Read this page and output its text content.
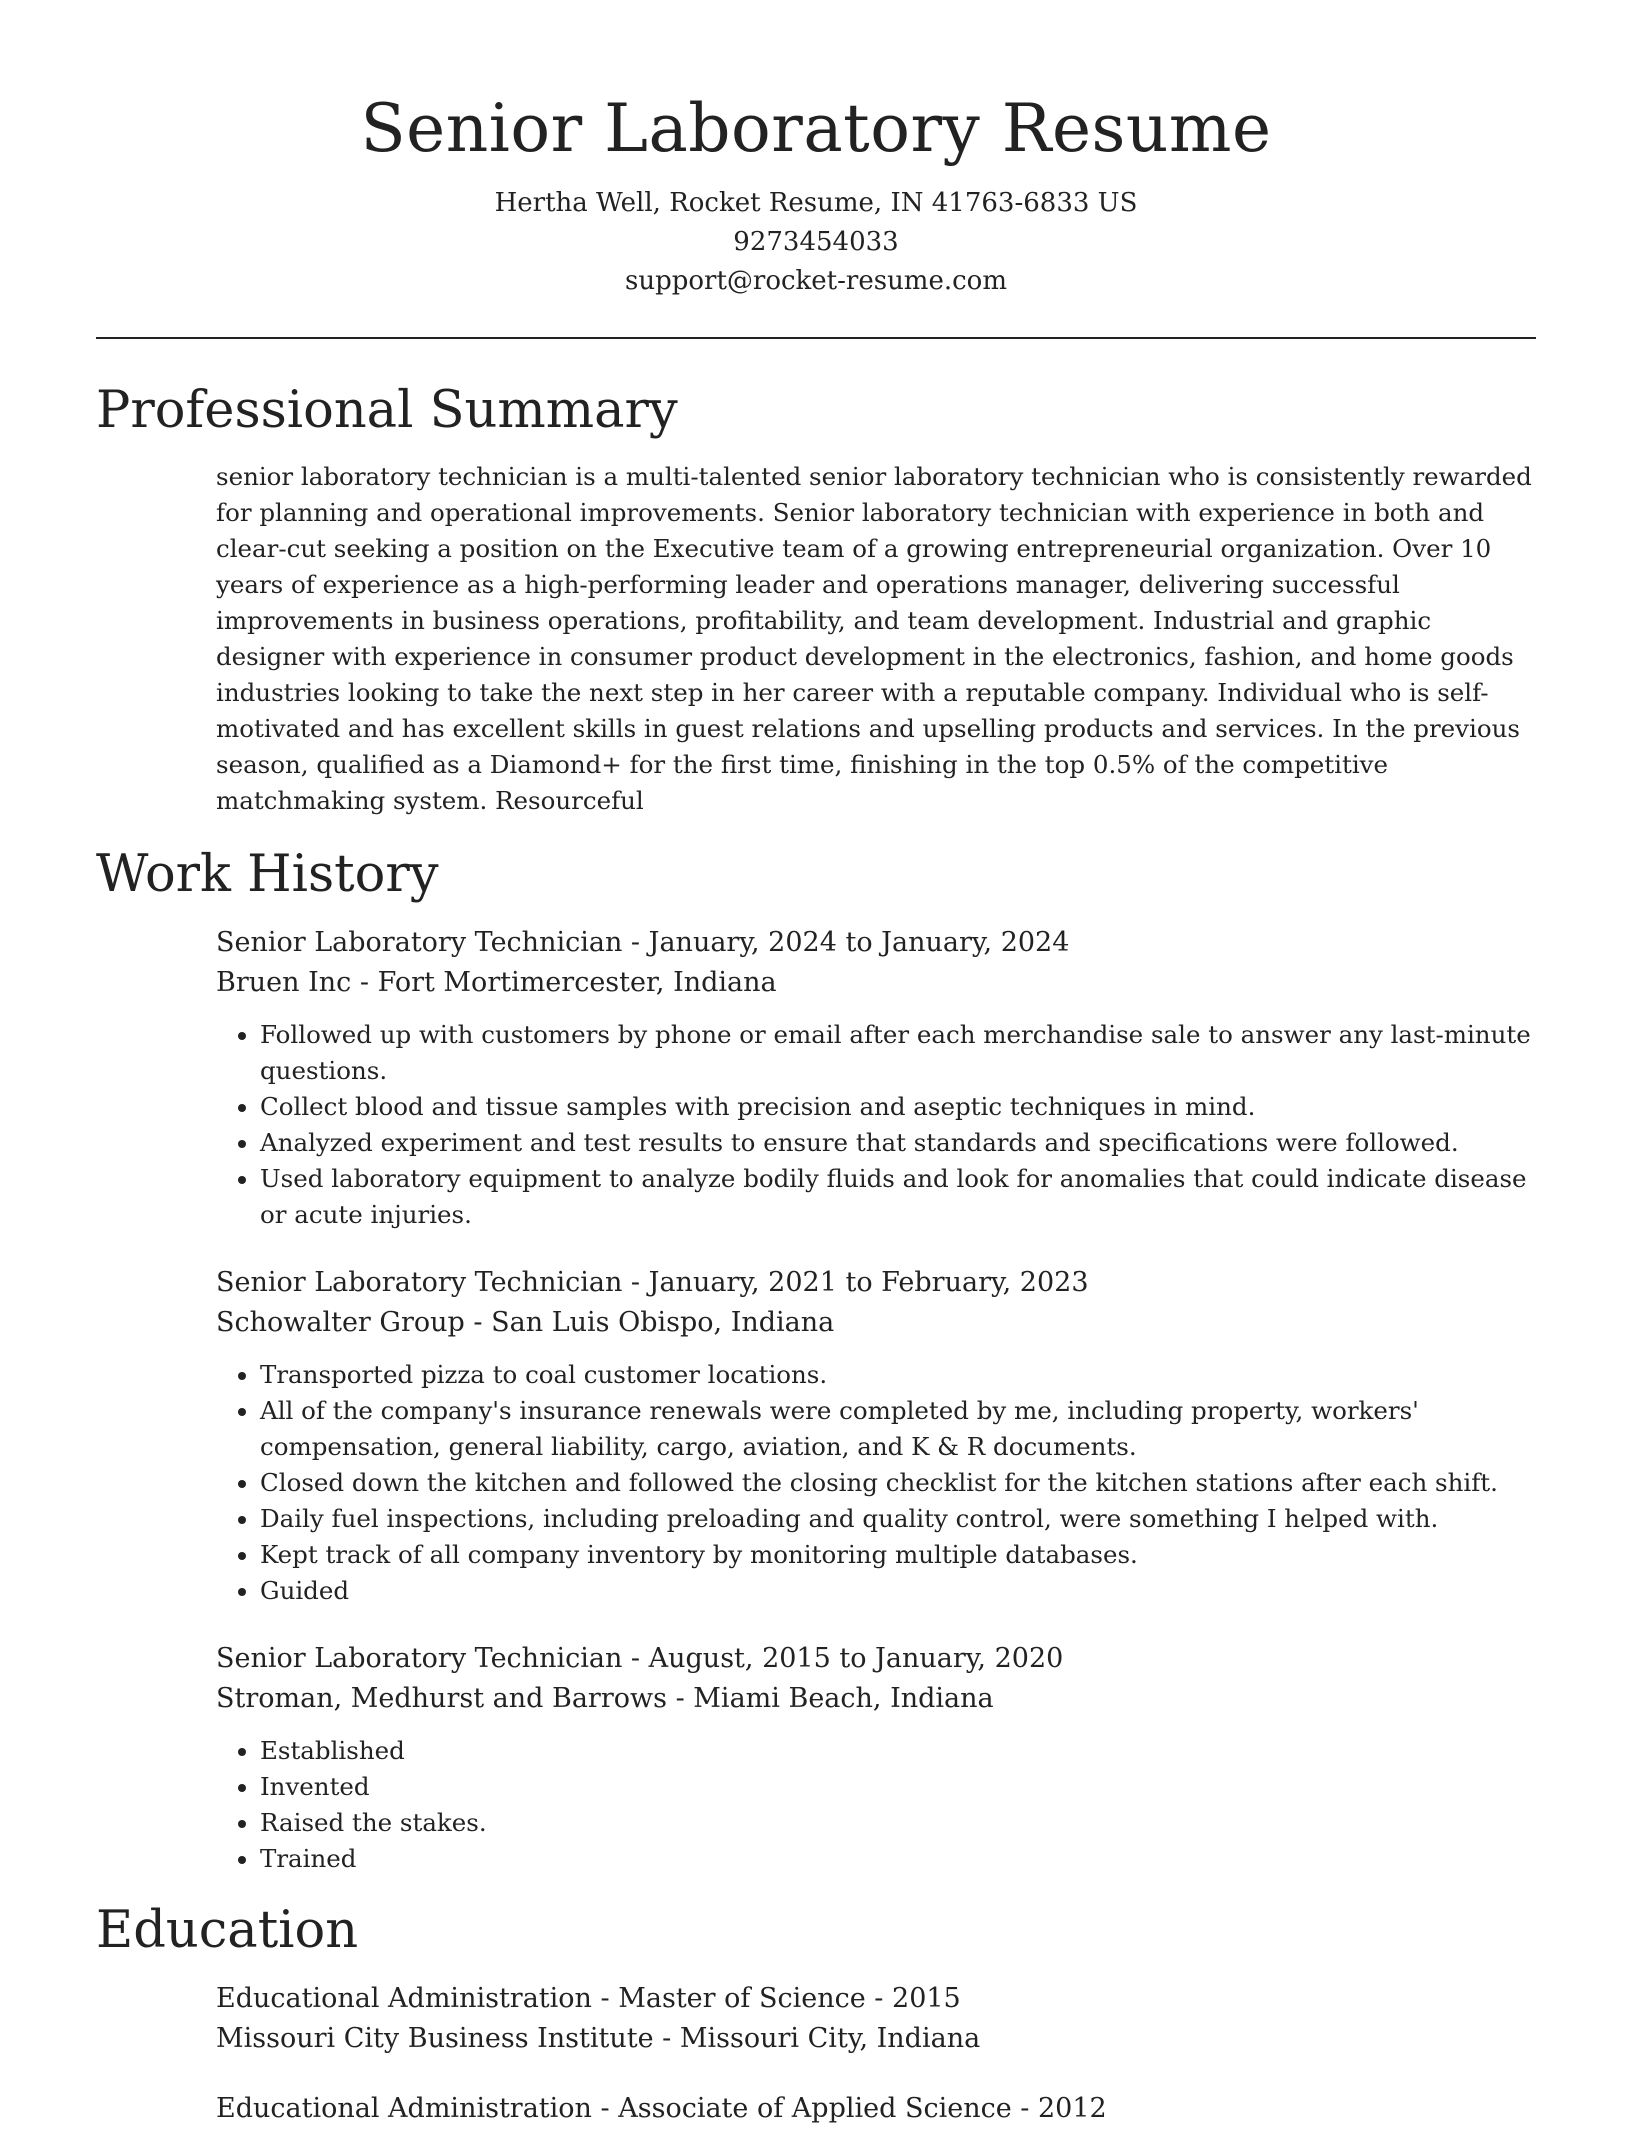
Senior Laboratory Resume
Hertha Well, Rocket Resume, IN 41763-6833 US
9273454033
support@rocket-resume.com
Professional Summary
senior laboratory technician is a multi-talented senior laboratory technician who is consistently rewarded for planning and operational improvements. Senior laboratory technician with experience in both and clear-cut seeking a position on the Executive team of a growing entrepreneurial organization. Over 10 years of experience as a high-performing leader and operations manager, delivering successful improvements in business operations, profitability, and team development. Industrial and graphic designer with experience in consumer product development in the electronics, fashion, and home goods industries looking to take the next step in her career with a reputable company. Individual who is self-motivated and has excellent skills in guest relations and upselling products and services. In the previous season, qualified as a Diamond+ for the first time, finishing in the top 0.5% of the competitive matchmaking system. Resourceful
Work History
Senior Laboratory Technician - January, 2024 to January, 2024
Bruen Inc - Fort Mortimercester, Indiana
• Followed up with customers by phone or email after each merchandise sale to answer any last-minute questions.
• Collect blood and tissue samples with precision and aseptic techniques in mind.
• Analyzed experiment and test results to ensure that standards and specifications were followed.
• Used laboratory equipment to analyze bodily fluids and look for anomalies that could indicate disease or acute injuries.
Senior Laboratory Technician - January, 2021 to February, 2023
Schowalter Group - San Luis Obispo, Indiana
• Transported pizza to coal customer locations.
• All of the company's insurance renewals were completed by me, including property, workers' compensation, general liability, cargo, aviation, and K & R documents.
• Closed down the kitchen and followed the closing checklist for the kitchen stations after each shift.
• Daily fuel inspections, including preloading and quality control, were something I helped with.
• Kept track of all company inventory by monitoring multiple databases.
• Guided
Senior Laboratory Technician - August, 2015 to January, 2020
Stroman, Medhurst and Barrows - Miami Beach, Indiana
• Established
• Invented
• Raised the stakes.
• Trained
Education
Educational Administration - Master of Science - 2015
Missouri City Business Institute - Missouri City, Indiana
Educational Administration - Associate of Applied Science - 2012
